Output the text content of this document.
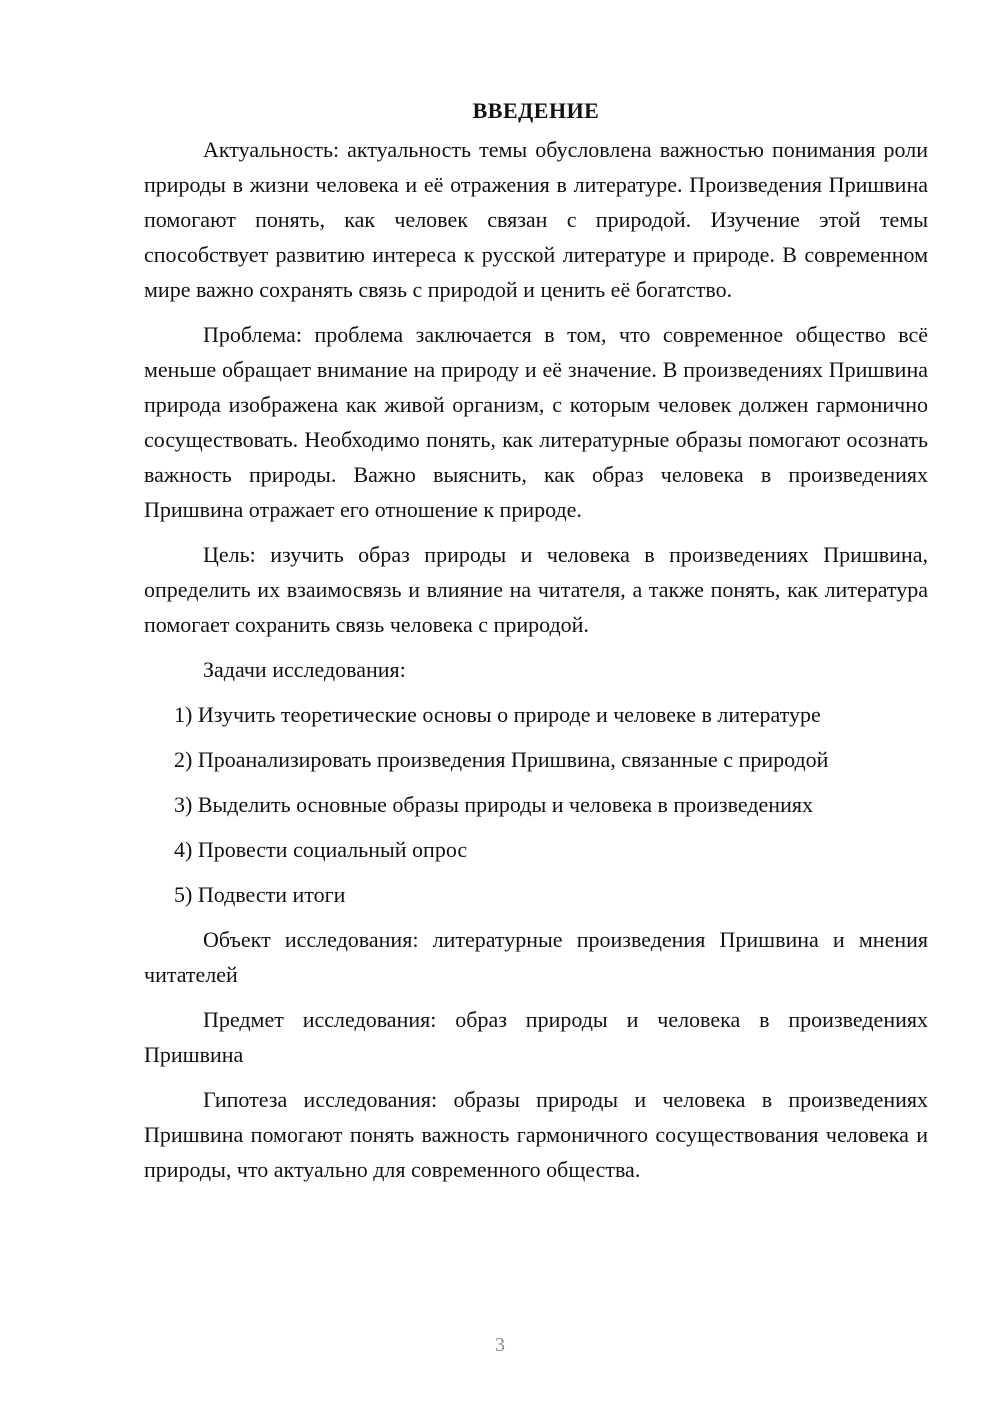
ВВЕДЕНИЕ

Актуальность: актуальность темы обусловлена важностью понимания роли природы в жизни человека и её отражения в литературе. Произведения Пришвина помогают понять, как человек связан с природой. Изучение этой темы способствует развитию интереса к русской литературе и природе. В современном мире важно сохранять связь с природой и ценить её богатство.

Проблема: проблема заключается в том, что современное общество всё меньше обращает внимание на природу и её значение. В произведениях Пришвина природа изображена как живой организм, с которым человек должен гармонично сосуществовать. Необходимо понять, как литературные образы помогают осознать важность природы. Важно выяснить, как образ человека в произведениях Пришвина отражает его отношение к природе.

Цель: изучить образ природы и человека в произведениях Пришвина, определить их взаимосвязь и влияние на читателя, а также понять, как литература помогает сохранить связь человека с природой.

Задачи исследования:

1) Изучить теоретические основы о природе и человеке в литературе
2) Проанализировать произведения Пришвина, связанные с природой
3) Выделить основные образы природы и человека в произведениях
4) Провести социальный опрос
5) Подвести итоги

Объект исследования: литературные произведения Пришвина и мнения читателей

Предмет исследования: образ природы и человека в произведениях Пришвина

Гипотеза исследования: образы природы и человека в произведениях Пришвина помогают понять важность гармоничного сосуществования человека и природы, что актуально для современного общества.

3
